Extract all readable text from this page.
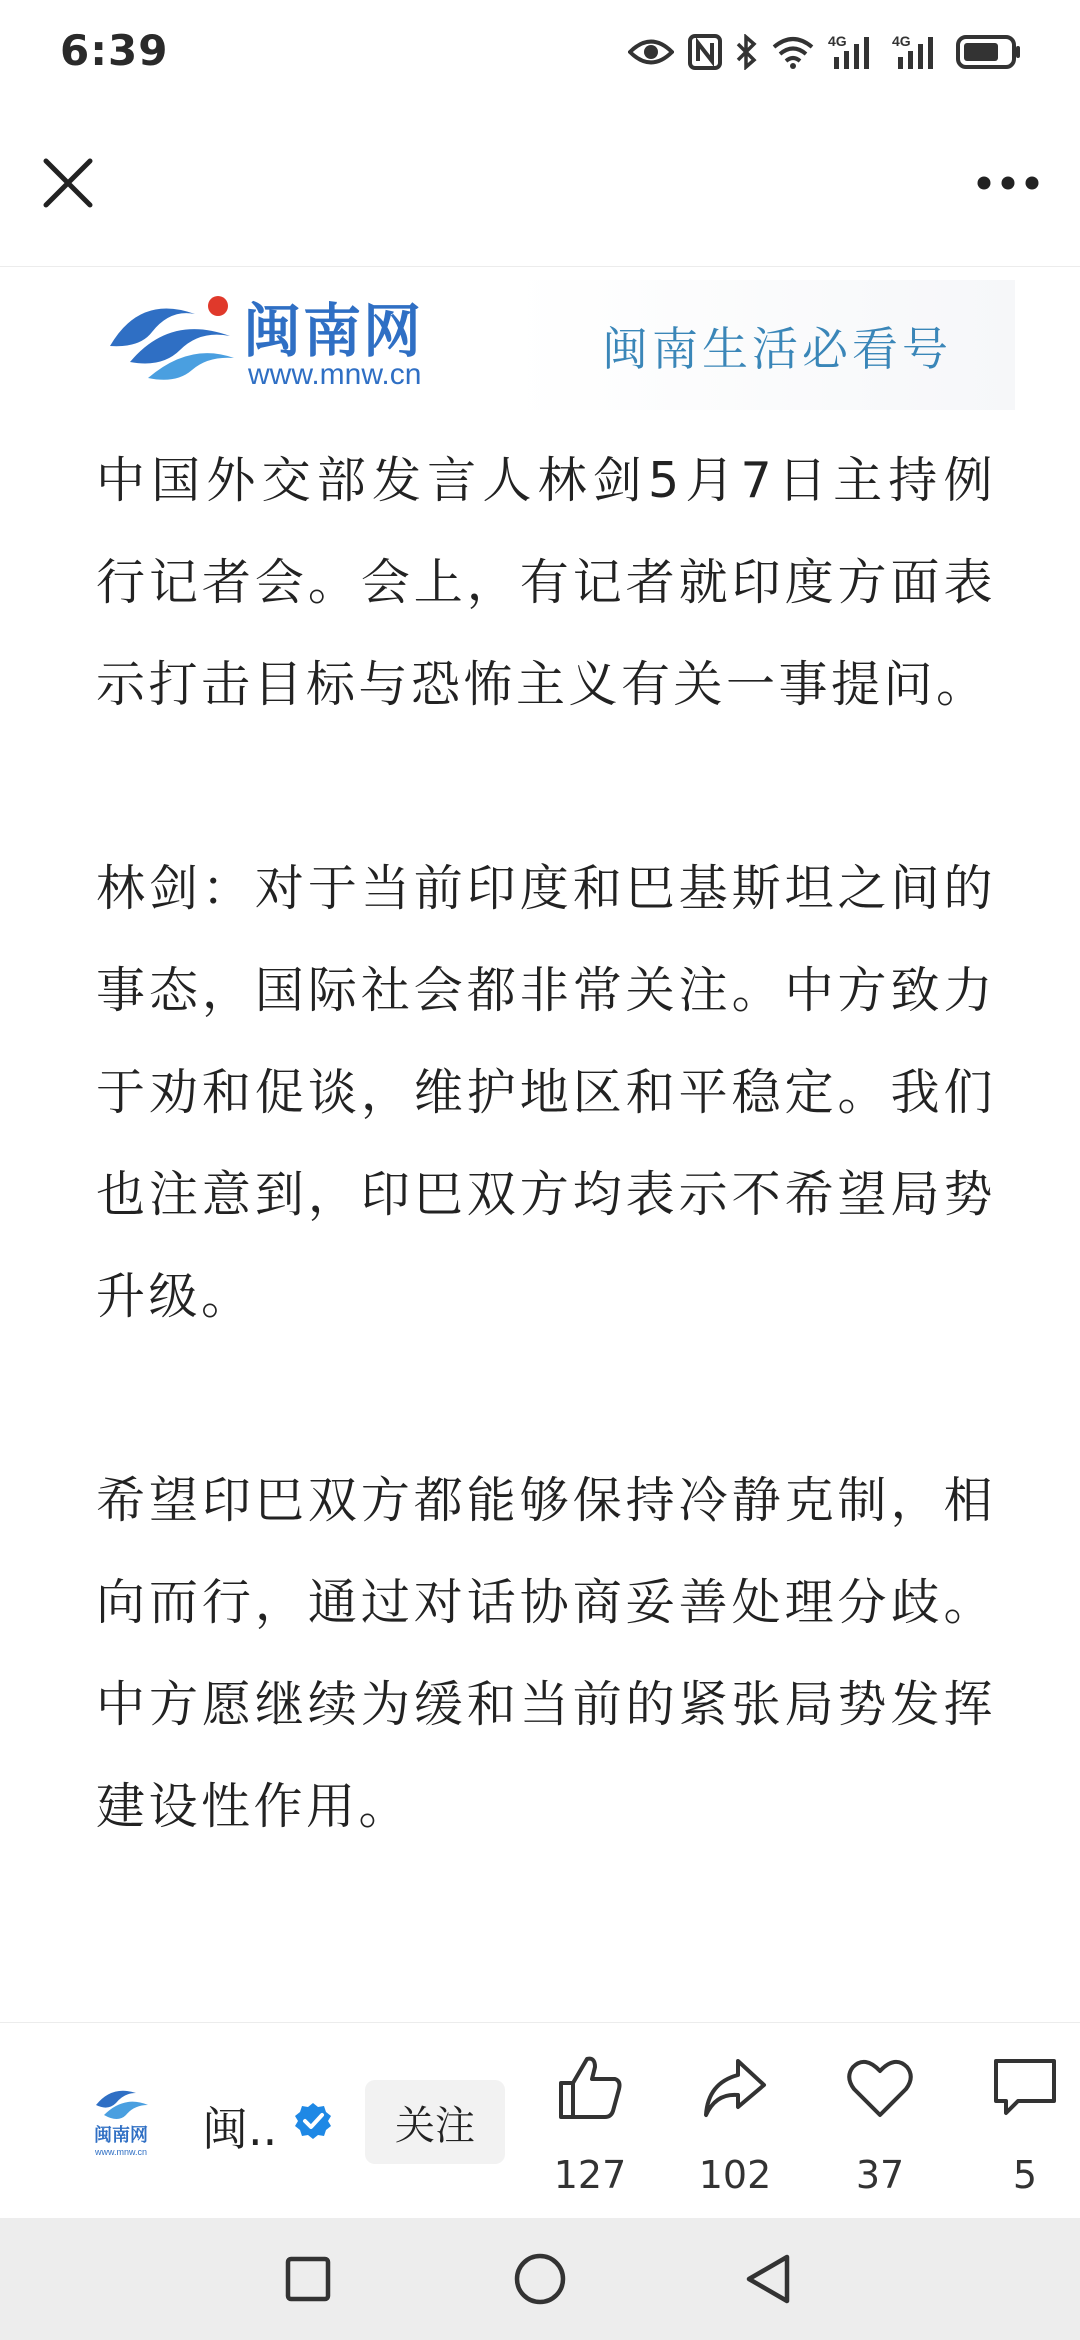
6:39	4G	4G
闽南网
www.mnw.cn	闽南生活必看号

中国外交部发言人林剑5月7日主持例行记者会。会上，有记者就印度方面表示打击目标与恐怖主义有关一事提问。

林剑：对于当前印度和巴基斯坦之间的事态，国际社会都非常关注。中方致力于劝和促谈，维护地区和平稳定。我们也注意到，印巴双方均表示不希望局势升级。

希望印巴双方都能够保持冷静克制，相向而行，通过对话协商妥善处理分歧。中方愿继续为缓和当前的紧张局势发挥建设性作用。

闽南网
www.mnw.cn 闽..	关注
127	102	37	5
